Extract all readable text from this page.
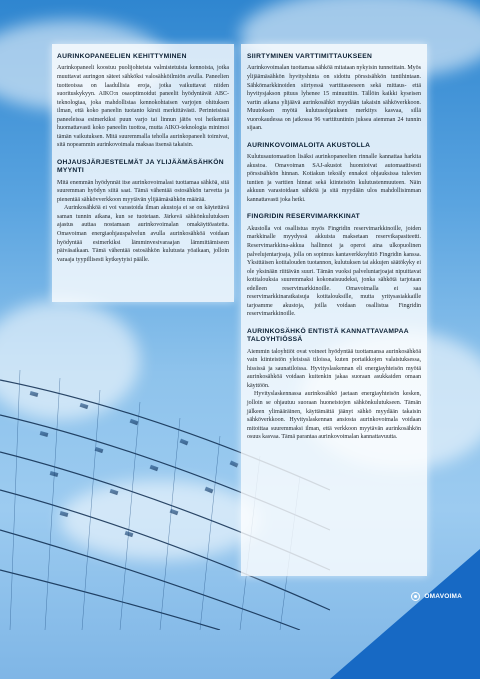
AURINKOPANEELIEN KEHITTYMINEN

Aurinkopaneeli koostuu puolijohteista valmistetuista kennoista, jotka muuttavat auringon säteet sähköksi valosähköilmiön avulla. Paneelien tuotteoissa on laadullisia eroja, jotka vaikuttavat niiden suorituskykyyn. AIKO:n osaoptimoidut paneelit hyödyntävät ABC-teknologiaa, joka mahdollistaa kennokohtaisen varjojen ohituksen ilman, että koko paneelin tuotanto kärsii merkittävästi. Perinteisissä paneeleissa esimerkiksi puun varjo tai linnun jätös voi heikentää huomattavasti koko paneelin tuottoa, mutta AIKO-teknologia minimoi tämän vaikutuksen. Mitä suuremmalla teholla aurinkopaneeli toimivat, sitä nopeammin aurinkovoimala maksaa itsensä takaisin.

OHJAUSJÄRJESTELMÄT JA YLIJÄÄMÄSÄHKÖN MYYNTI

Mitä enemmän hyödynnät itse aurinkovoimalasi tuottamaa sähköä, sitä suuremman hyödyn siitä saat. Tämä vähentää ostosähkön tarvetta ja pienentää sähkövverkkoon myytävän ylijäämäsähkön määrää.

Aurinkosähköä ei voi varastoida ilman akustoja ei se on käytettävä saman tunnin aikana, kun se tuotetaan. Järkevä sähkönkulutuksen ajastus auttaa nostamaan aurinkovoimalan omakäyttöastetta. Omavoiman energiaohjauspalvelun avulla aurinkosähköä voidaan hyödyntää esimerkiksi lämminvesivaraajan lämmittämiseen päiväsaikaan. Tämä vähentää ostosähkön kulutusta yöaikaan, jolloin varaaja tyypillisesti kytkeytyisi päälle.

SIIRTYMINEN VARTTIMITTAUKSEEN

Aurinkovoimalan tuottamaa sähköä mitataan nykyisin tunneittain. Myös ylijäämäsähkön hyvityshinta on sidottu pörssisähkön tuntihintaan. Sähkömarkkinoiden siirtyessä varttitaseeseen sekä mittaus- että hyvitysjakson pituus lyhenee 15 minuuttiin. Tällöin kaikki kyseisen vartin aikana ylijäävä aurinkosähkö myydään takaisin sähköverkkoon. Muutoksen myötä kulutusohjauksen merkitys kasvaa, sillä vuorokaudessa on jatkossa 96 varttituntinin juksea aiemman 24 tunnin sijaan.

AURINKOVOIMALOITA AKUSTOLLA

Kulutusautomaation lisäksi aurinkopaneelien rinnalle kannattaa harkita akustoa. Omavoiman SAJ-akustot huomioivat automaattisesti pörssisähkön hinnan. Kotiakun tekoäly ennakoi ohjauksissa tulevien tuntien ja varttien hinnat sekä kiinteistön kulutustenmuuteen. Näin akkuun varastoidaan sähköä ja sitä myydään ulos mahdollisimman kannattavasti joka hetki.

FINGRIDIN RESERVIMARKKINAT

Akustolla voi osallistua myös Fingridin reservimarkkinoille, joiden markkinalle myydyssä akkuista maksetaan reservikapasiteetti. Reservimarkkina-akkua hallinnoi ja operoi aina ulkopuolinen palvelujentarjoaja, jolla on sopimus kantaverkkoyhtiö Fingridin kanssa. Yksittäisen kotitalouden tuotannon, kulutuksen tai akkujen säätökyky ei ole yksinään riittävän suuri. Tämän vuoksi palveluntarjoajat nipuittavat kotitalouksia suuremmaksi kokonaisuudeksi, jonka sähkötä tarjotaan edelleen reservimarkkinoille. Omavoimalla ei saa reservimarkkinaratkaisuja kotitalouksille, mutta yritysasiakkaille tarjoamme akustoja, joilla voidaan osallistua Fingridin reservimarkkinoille.

AURINKOSÄHKÖ ENTISTÄ KANNATTAVAMPAA TALOYHTIÖSSÄ

Aiemmin taloyhtiöt ovat voineet hyödyntää tuottamansa aurinkosähköä vain kiinteistön yleisissä tiloissa, kuten portaikkojen valaistuksessa, hississä ja saunatiloissa. Hyvityslaskennan eli energiayhteisön myötä aurinkosähköä voidaan kuitenkin jakaa suoraan asukkaiden omaan käyttöön.

Hyvityslaskennassa aurinkosähkö jaetaan energiayhteisön kesken, jolloin se ohjautuu suoraan huoneistojen sähkönkulutukseen. Tämän jälkeen ylimääräinen, käyttämättä jäänyt sähkö myydään takaisin sähköverkkoon. Hyvityslaskennan ansiosta aurinkovoimala voidaan mitoittaa suuremmaksi ilman, että verkkoon myytävän aurinkosähkön osuus kasvaa. Tämä parantaa aurinkovoimalan kannattavuutta.

OMAVOIMA
